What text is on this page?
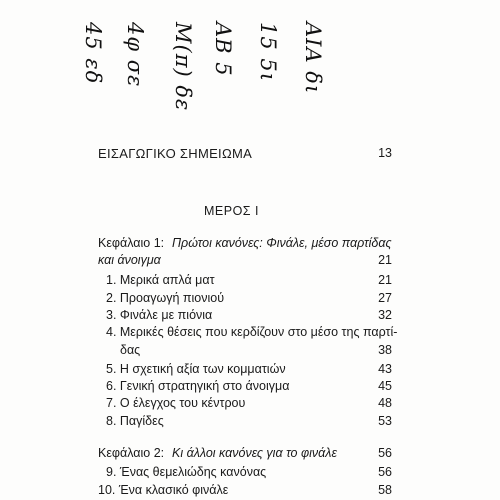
45 εδ 4φ σε Μ(π) δε ΑΒ 5 15 5ι ΑΙΑ δι
ΕΙΣΑΓΩΓΙΚΟ ΣΗΜΕΙΩΜΑ	13
ΜΕΡΟΣ Ι
Κεφάλαιο 1: Πρώτοι κανόνες: Φινάλε, μέσο παρτίδας
και άνοιγμα	21
1. Μερικά απλά ματ	21
2. Προαγωγή πιονιού	27
3. Φινάλε με πιόνια	32
4. Μερικές θέσεις που κερδίζουν στο μέσο της παρτί-
δας	38
5. Η σχετική αξία των κομματιών	43
6. Γενική στρατηγική στο άνοιγμα	45
7. Ο έλεγχος του κέντρου	48
8. Παγίδες	53
Κεφάλαιο 2: Κι άλλοι κανόνες για το φινάλε	56
9. Ένας θεμελιώδης κανόνας	56
10. Ένα κλασικό φινάλε	58
